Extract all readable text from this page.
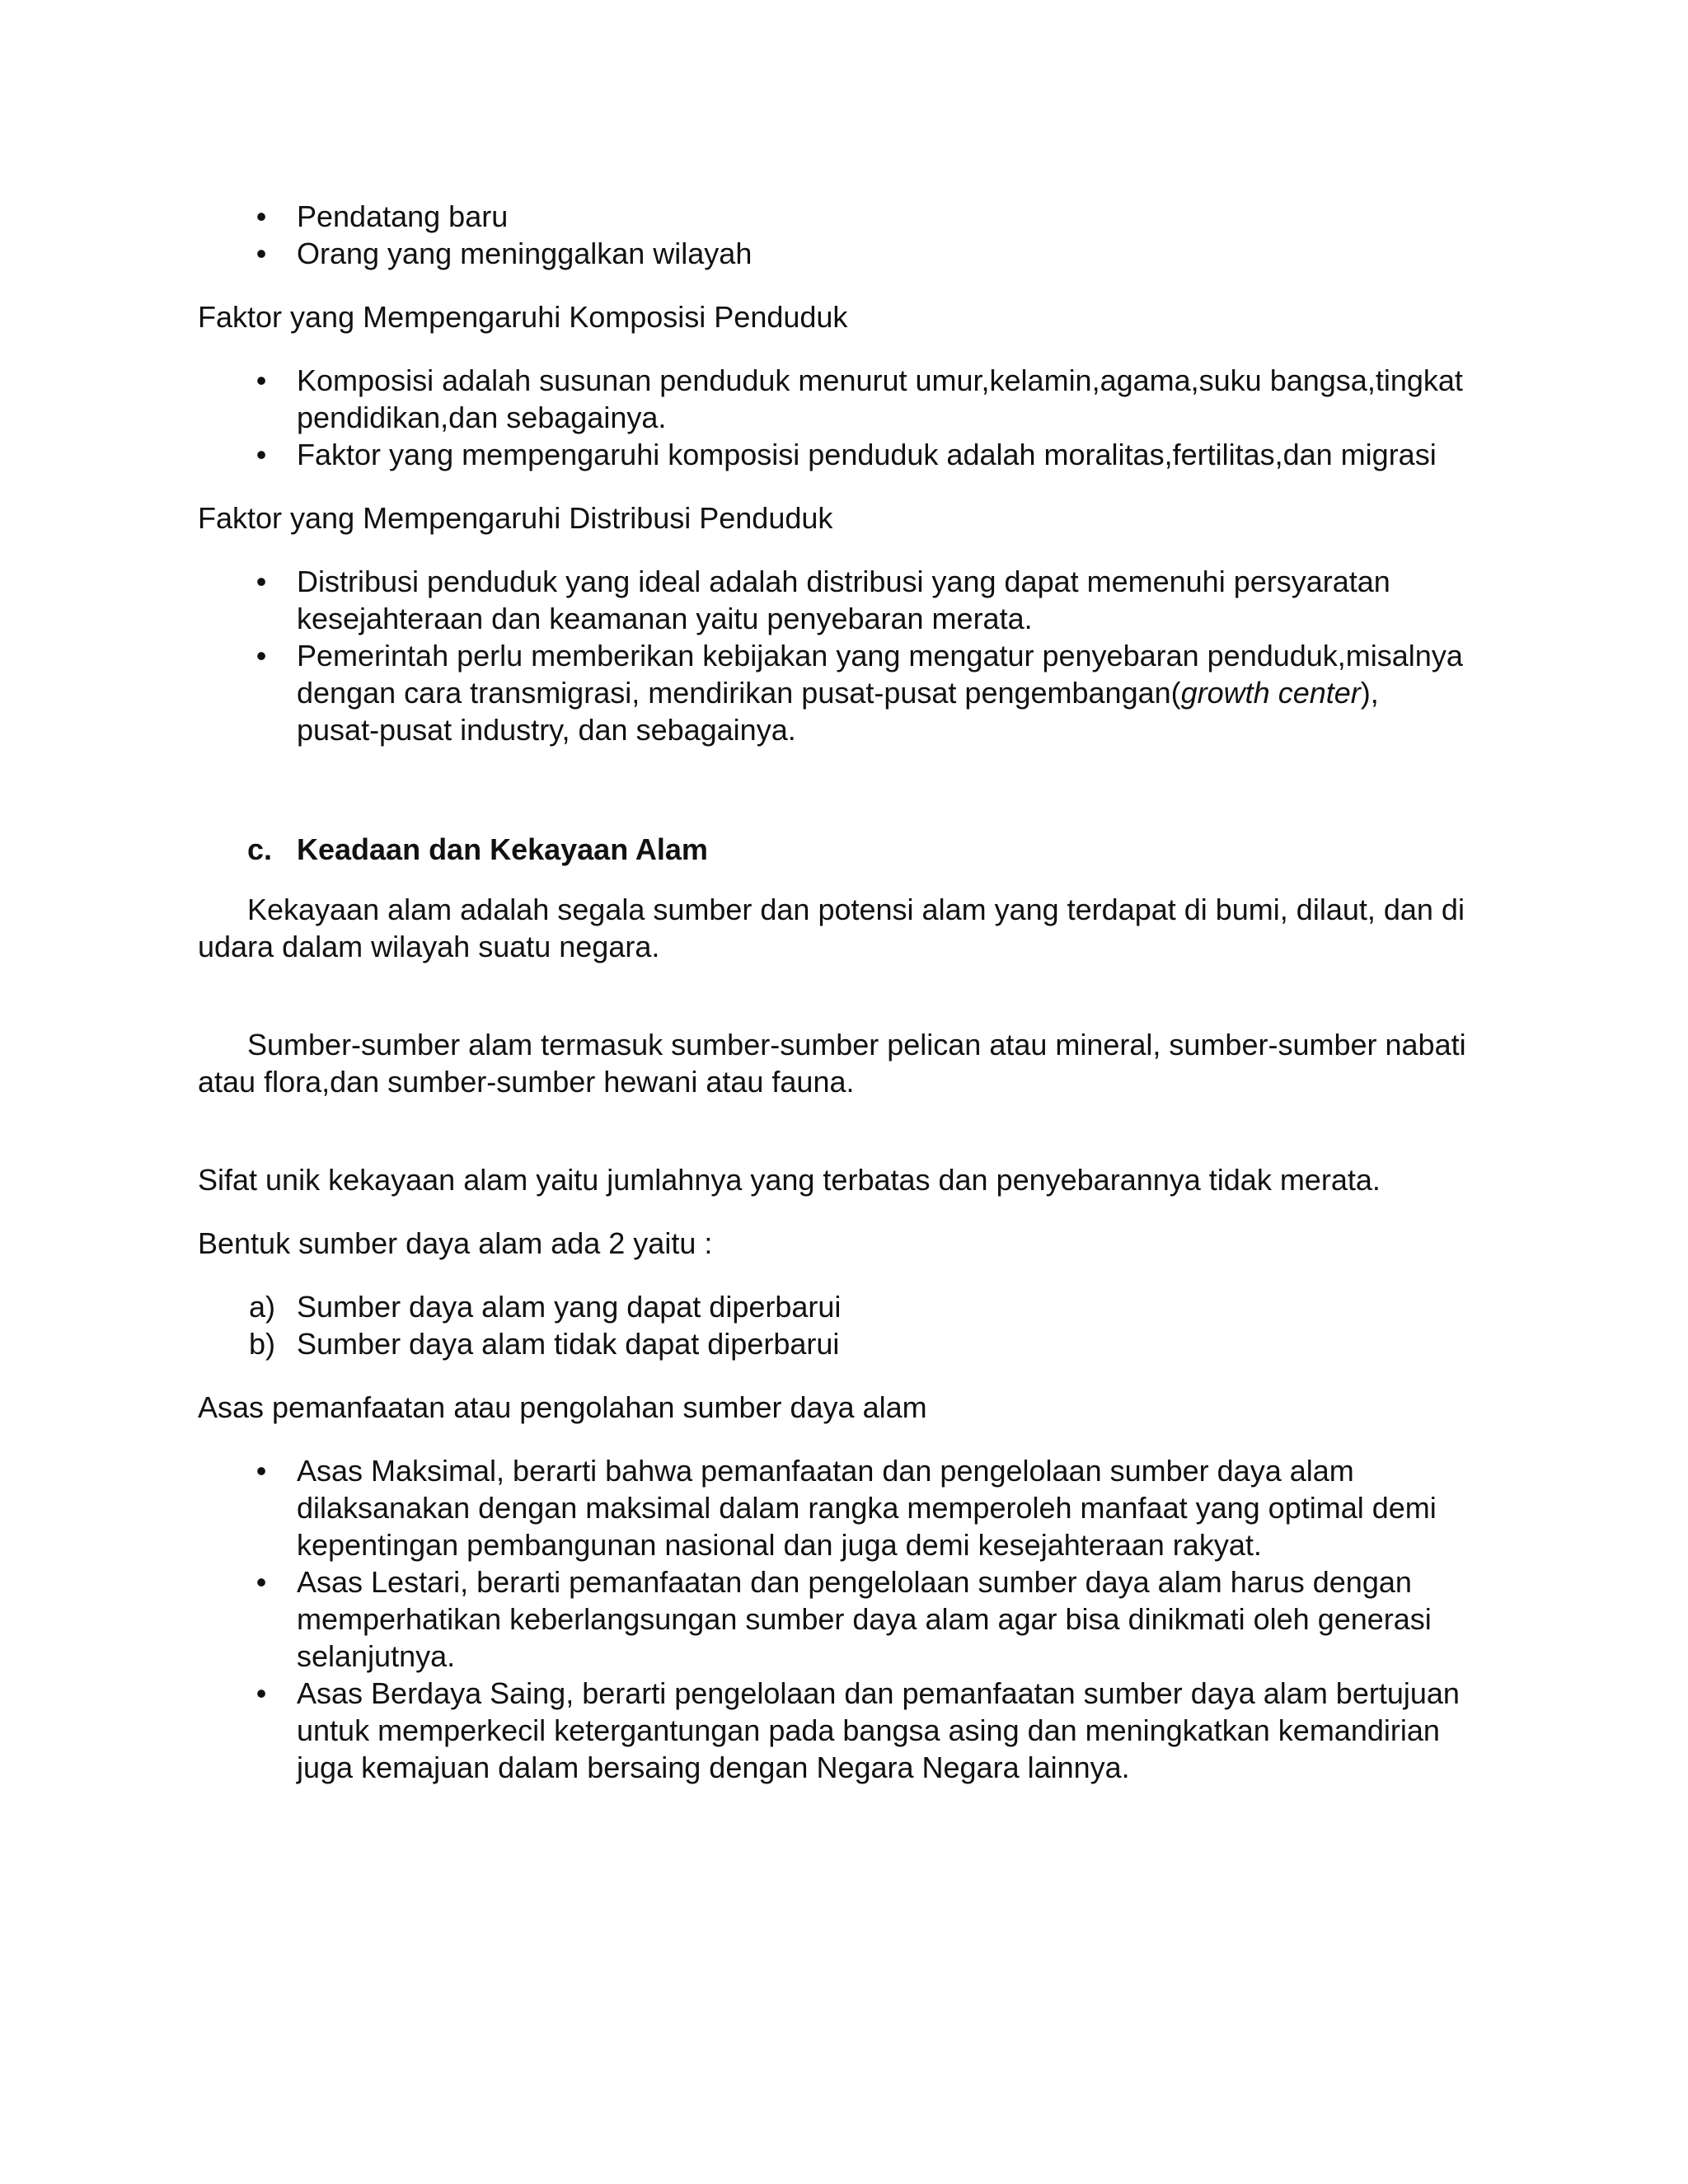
• Pendatang baru
• Orang yang meninggalkan wilayah

Faktor yang Mempengaruhi Komposisi Penduduk

• Komposisi adalah susunan penduduk menurut umur,kelamin,agama,suku bangsa,tingkat pendidikan,dan sebagainya.
• Faktor yang mempengaruhi komposisi penduduk adalah moralitas,fertilitas,dan migrasi

Faktor yang Mempengaruhi Distribusi Penduduk

• Distribusi penduduk yang ideal adalah distribusi yang dapat memenuhi persyaratan kesejahteraan dan keamanan yaitu penyebaran merata.
• Pemerintah perlu memberikan kebijakan yang mengatur penyebaran penduduk,misalnya dengan cara transmigrasi, mendirikan pusat-pusat pengembangan(growth center), pusat-pusat industry, dan sebagainya.

c. Keadaan dan Kekayaan Alam

Kekayaan alam adalah segala sumber dan potensi alam yang terdapat di bumi, dilaut, dan di udara dalam wilayah suatu negara.

Sumber-sumber alam termasuk sumber-sumber pelican atau mineral, sumber-sumber nabati atau flora,dan sumber-sumber hewani atau fauna.

Sifat unik kekayaan alam yaitu jumlahnya yang terbatas dan penyebarannya tidak merata.

Bentuk sumber daya alam ada 2 yaitu :

a) Sumber daya alam yang dapat diperbarui
b) Sumber daya alam tidak dapat diperbarui

Asas pemanfaatan atau pengolahan sumber daya alam

• Asas Maksimal, berarti bahwa pemanfaatan dan pengelolaan sumber daya alam dilaksanakan dengan maksimal dalam rangka memperoleh manfaat yang optimal demi kepentingan pembangunan nasional dan juga demi kesejahteraan rakyat.
• Asas Lestari, berarti pemanfaatan dan pengelolaan sumber daya alam harus dengan memperhatikan keberlangsungan sumber daya alam agar bisa dinikmati oleh generasi selanjutnya.
• Asas Berdaya Saing, berarti pengelolaan dan pemanfaatan sumber daya alam bertujuan untuk memperkecil ketergantungan pada bangsa asing dan meningkatkan kemandirian juga kemajuan dalam bersaing dengan Negara Negara lainnya.
